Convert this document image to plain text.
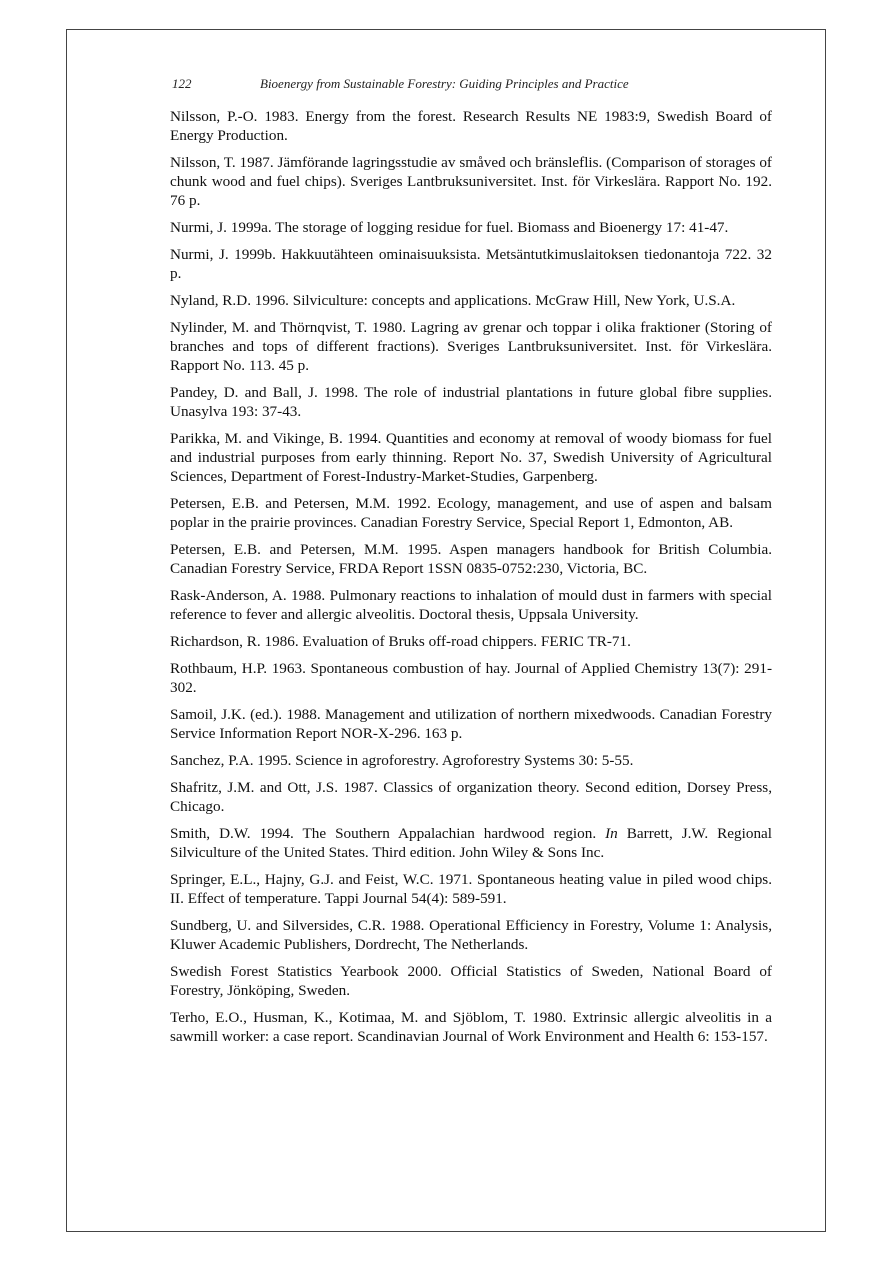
122	Bioenergy from Sustainable Forestry: Guiding Principles and Practice

Nilsson, P.-O. 1983. Energy from the forest. Research Results NE 1983:9, Swedish Board of Energy Production.

Nilsson, T. 1987. Jämförande lagringsstudie av småved och bränsleflis. (Comparison of storages of chunk wood and fuel chips). Sveriges Lantbruksuniversitet. Inst. för Virkeslära. Rapport No. 192. 76 p.

Nurmi, J. 1999a. The storage of logging residue for fuel. Biomass and Bioenergy 17: 41-47.

Nurmi, J. 1999b. Hakkuutähteen ominaisuuksista. Metsäntutkimuslaitoksen tiedonantoja 722. 32 p.

Nyland, R.D. 1996. Silviculture: concepts and applications. McGraw Hill, New York, U.S.A.

Nylinder, M. and Thörnqvist, T. 1980. Lagring av grenar och toppar i olika fraktioner (Storing of branches and tops of different fractions). Sveriges Lantbruksuniversitet. Inst. för Virkeslära. Rapport No. 113. 45 p.

Pandey, D. and Ball, J. 1998. The role of industrial plantations in future global fibre supplies. Unasylva 193: 37-43.

Parikka, M. and Vikinge, B. 1994. Quantities and economy at removal of woody biomass for fuel and industrial purposes from early thinning. Report No. 37, Swedish University of Agricultural Sciences, Department of Forest-Industry-Market-Studies, Garpenberg.

Petersen, E.B. and Petersen, M.M. 1992. Ecology, management, and use of aspen and balsam poplar in the prairie provinces. Canadian Forestry Service, Special Report 1, Edmonton, AB.

Petersen, E.B. and Petersen, M.M. 1995. Aspen managers handbook for British Columbia. Canadian Forestry Service, FRDA Report 1SSN 0835-0752:230, Victoria, BC.

Rask-Anderson, A. 1988. Pulmonary reactions to inhalation of mould dust in farmers with special reference to fever and allergic alveolitis. Doctoral thesis, Uppsala University.

Richardson, R. 1986. Evaluation of Bruks off-road chippers. FERIC TR-71.

Rothbaum, H.P. 1963. Spontaneous combustion of hay. Journal of Applied Chemistry 13(7): 291-302.

Samoil, J.K. (ed.). 1988. Management and utilization of northern mixedwoods. Canadian Forestry Service Information Report NOR-X-296. 163 p.

Sanchez, P.A. 1995. Science in agroforestry. Agroforestry Systems 30: 5-55.

Shafritz, J.M. and Ott, J.S. 1987. Classics of organization theory. Second edition, Dorsey Press, Chicago.

Smith, D.W. 1994. The Southern Appalachian hardwood region. In Barrett, J.W. Regional Silviculture of the United States. Third edition. John Wiley & Sons Inc.

Springer, E.L., Hajny, G.J. and Feist, W.C. 1971. Spontaneous heating value in piled wood chips. II. Effect of temperature. Tappi Journal 54(4): 589-591.

Sundberg, U. and Silversides, C.R. 1988. Operational Efficiency in Forestry, Volume 1: Analysis, Kluwer Academic Publishers, Dordrecht, The Netherlands.

Swedish Forest Statistics Yearbook 2000. Official Statistics of Sweden, National Board of Forestry, Jönköping, Sweden.

Terho, E.O., Husman, K., Kotimaa, M. and Sjöblom, T. 1980. Extrinsic allergic alveolitis in a sawmill worker: a case report. Scandinavian Journal of Work Environment and Health 6: 153-157.
